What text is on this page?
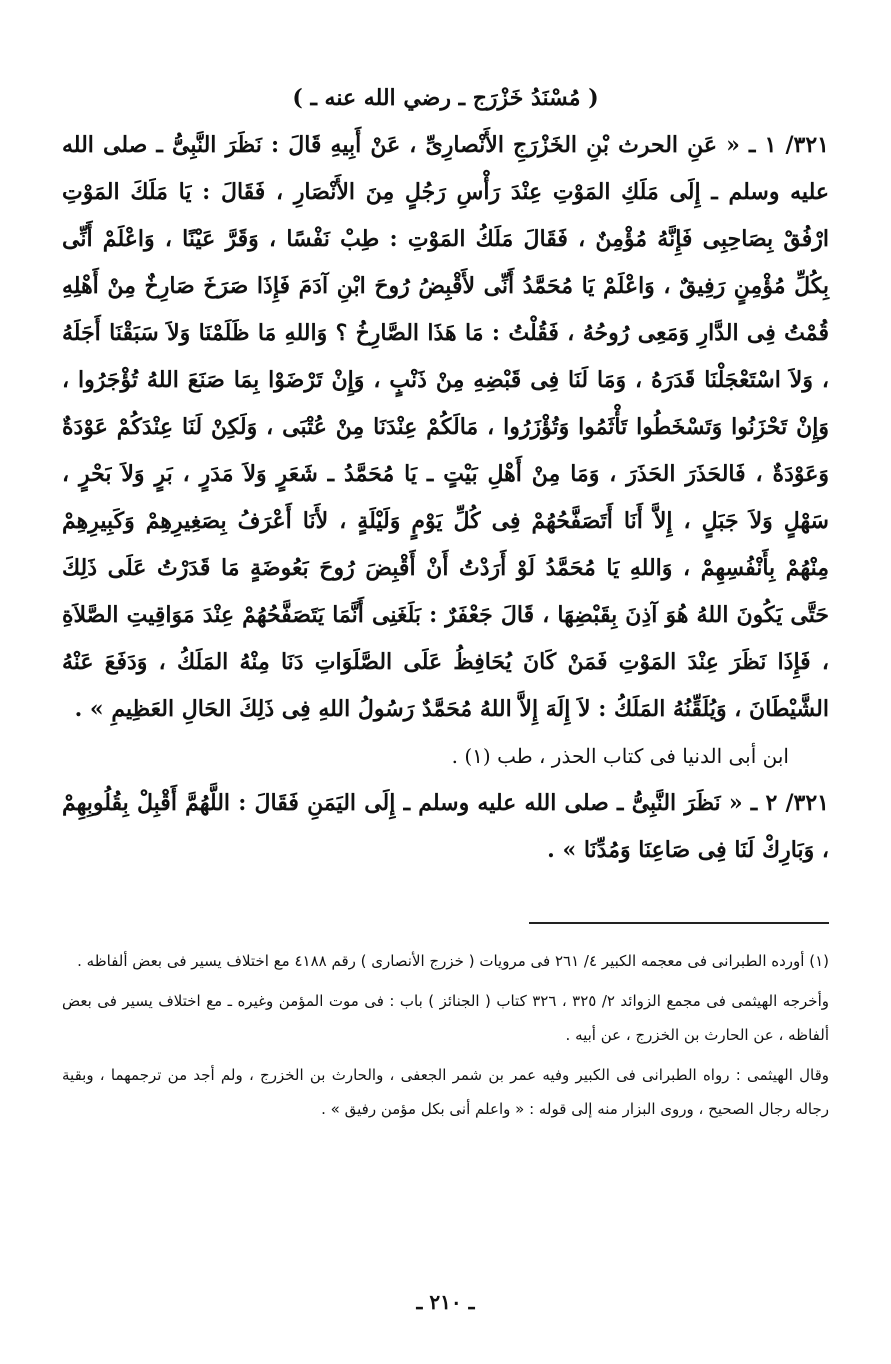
( مُسْنَدُ خَزْرَج ـ رضي الله عنه ـ )

٣٢١/ ١ ـ « عَنِ الحرث بْنِ الخَزْرَجِ الأَنْصارِىِّ ، عَنْ أَبِيهِ قَالَ : نَظَرَ النَّبِىُّ ـ صلى الله عليه وسلم ـ إِلَى مَلَكِ المَوْتِ عِنْدَ رَأْسِ رَجُلٍ مِنَ الأَنْصَارِ ، فَقَالَ : يَا مَلَكَ المَوْتِ ارْفُقْ بِصَاحِبِى فَإِنَّهُ مُؤْمِنٌ ، فَقَالَ مَلَكُ المَوْتِ : طِبْ نَفْسًا ، وَقَرَّ عَيْنًا ، وَاعْلَمْ أَنِّى بِكُلِّ مُؤْمِنٍ رَفِيقٌ ، وَاعْلَمْ يَا مُحَمَّدُ أَنِّى لأَقْبِضُ رُوحَ ابْنِ آدَمَ فَإِذَا صَرَخَ صَارِخٌ مِنْ أَهْلِهِ قُمْتُ فِى الدَّارِ وَمَعِى رُوحُهُ ، فَقُلْتُ : مَا هَذَا الصَّارِخُ ؟ وَاللهِ مَا ظَلَمْنَا وَلاَ سَبَقْنَا أَجَلَهُ ، وَلاَ اسْتَعْجَلْنَا قَدَرَهُ ، وَمَا لَنَا فِى قَبْضِهِ مِنْ ذَنْبٍ ، وَإِنْ تَرْضَوْا بِمَا صَنَعَ اللهُ تُؤْجَرُوا ، وَإِنْ تَحْزَنُوا وَتَسْخَطُوا تَأْثَمُوا وَتُؤْزَرُوا ، مَالَكُمْ عِنْدَنَا مِنْ عُتْبَى ، وَلَكِنْ لَنَا عِنْدَكُمْ عَوْدَةٌ وَعَوْدَةٌ ، فَالحَذَرَ الحَذَرَ ، وَمَا مِنْ أَهْلِ بَيْتٍ ـ يَا مُحَمَّدُ ـ شَعَرٍ وَلاَ مَدَرٍ ، بَرٍ وَلاَ بَحْرٍ ، سَهْلٍ وَلاَ جَبَلٍ ، إِلاَّ أَنَا أَتَصَفَّحُهُمْ فِى كُلِّ يَوْمٍ وَلَيْلَةٍ ، لأَنَا أَعْرَفُ بِصَغِيرِهِمْ وَكَبِيرِهِمْ مِنْهُمْ بِأَنْفُسِهِمْ ، وَاللهِ يَا مُحَمَّدُ لَوْ أَرَدْتُ أَنْ أَقْبِضَ رُوحَ بَعُوضَةٍ مَا قَدَرْتُ عَلَى ذَلِكَ حَتَّى يَكُونَ اللهُ هُوَ آذِنَ بِقَبْضِهَا ، قَالَ جَعْفَرٌ : بَلَغَنِى أَنَّمَا يَتَصَفَّحُهُمْ عِنْدَ مَوَاقِيتِ الصَّلاَةِ ، فَإِذَا نَظَرَ عِنْدَ المَوْتِ فَمَنْ كَانَ يُحَافِظُ عَلَى الصَّلَوَاتِ دَنَا مِنْهُ المَلَكُ ، وَدَفَعَ عَنْهُ الشَّيْطَانَ ، وَيُلَقِّنُهُ المَلَكُ : لاَ إِلَهَ إِلاَّ اللهُ مُحَمَّدٌ رَسُولُ اللهِ فِى ذَلِكَ الحَالِ العَظِيمِ » .

ابن أبى الدنيا فى كتاب الحذر ، طب (١) .

٣٢١/ ٢ ـ « نَظَرَ النَّبِىُّ ـ صلى الله عليه وسلم ـ إِلَى اليَمَنِ فَقَالَ : اللَّهُمَّ أَقْبِلْ بِقُلُوبِهِمْ ، وَبَارِكْ لَنَا فِى صَاعِنَا وَمُدِّنَا » .

(١) أورده الطبرانى فى معجمه الكبير ٤/ ٢٦١ فى مرويات ( خزرج الأنصارى ) رقم ٤١٨٨ مع اختلاف يسير فى بعض ألفاظه .

وأخرجه الهيثمى فى مجمع الزوائد ٢/ ٣٢٥ ، ٣٢٦ كتاب ( الجنائز ) باب : فى موت المؤمن وغيره ـ مع اختلاف يسير فى بعض ألفاظه ، عن الحارث بن الخزرج ، عن أبيه .

وقال الهيثمى : رواه الطبرانى فى الكبير وفيه عمر بن شمر الجعفى ، والحارث بن الخزرج ، ولم أجد من ترجمهما ، وبقية رجاله رجال الصحيح ، وروى البزار منه إلى قوله : « واعلم أنى بكل مؤمن رفيق » .

ـ ٢١٠ ـ
